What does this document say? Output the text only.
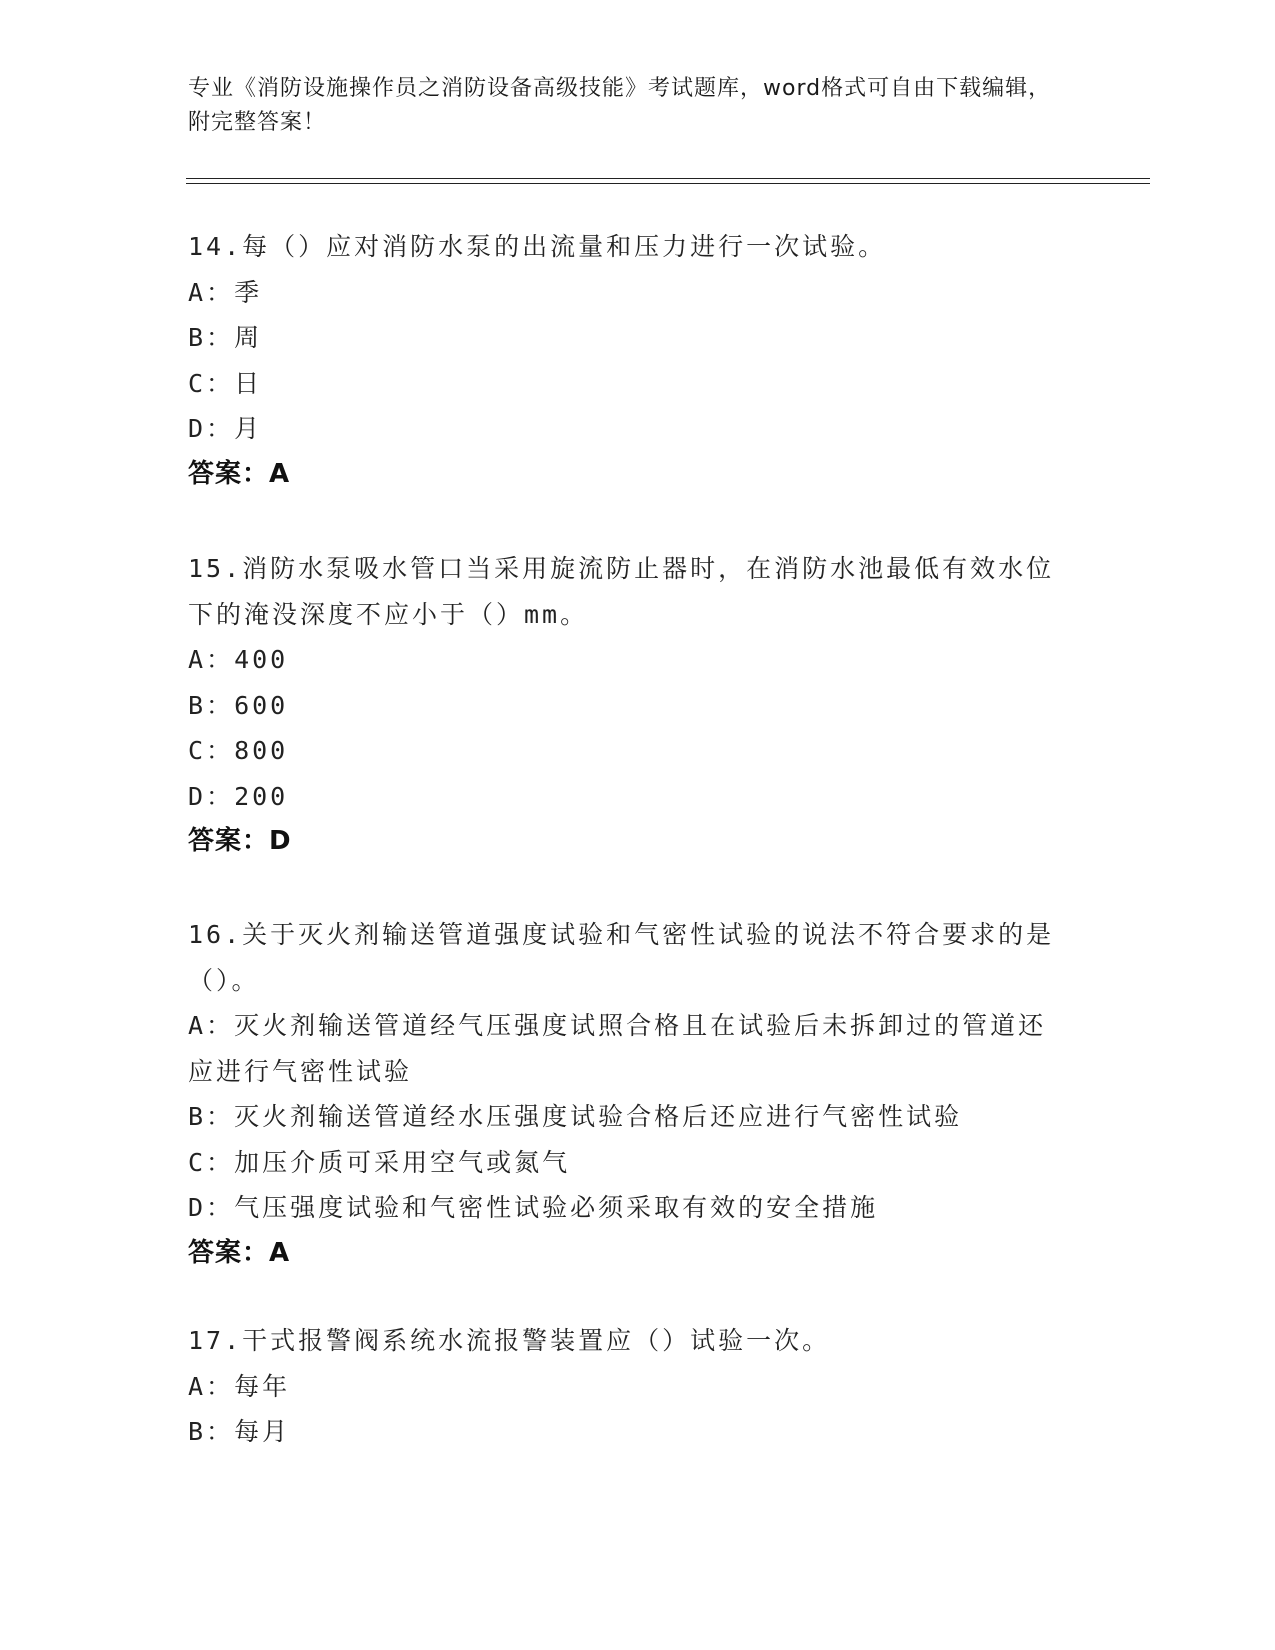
专业《消防设施操作员之消防设备高级技能》考试题库，word格式可自由下载编辑，附完整答案！
14.每（）应对消防水泵的出流量和压力进行一次试验。
A：季
B：周
C：日
D：月
答案：A
15.消防水泵吸水管口当采用旋流防止器时，在消防水池最低有效水位
下的淹没深度不应小于（）mm。
A：400
B：600
C：800
D：200
答案：D
16.关于灭火剂输送管道强度试验和气密性试验的说法不符合要求的是
（）。
A：灭火剂输送管道经气压强度试照合格且在试验后未拆卸过的管道还
应进行气密性试验
B：灭火剂输送管道经水压强度试验合格后还应进行气密性试验
C：加压介质可采用空气或氮气
D：气压强度试验和气密性试验必须采取有效的安全措施
答案：A
17.干式报警阀系统水流报警装置应（）试验一次。
A：每年
B：每月
